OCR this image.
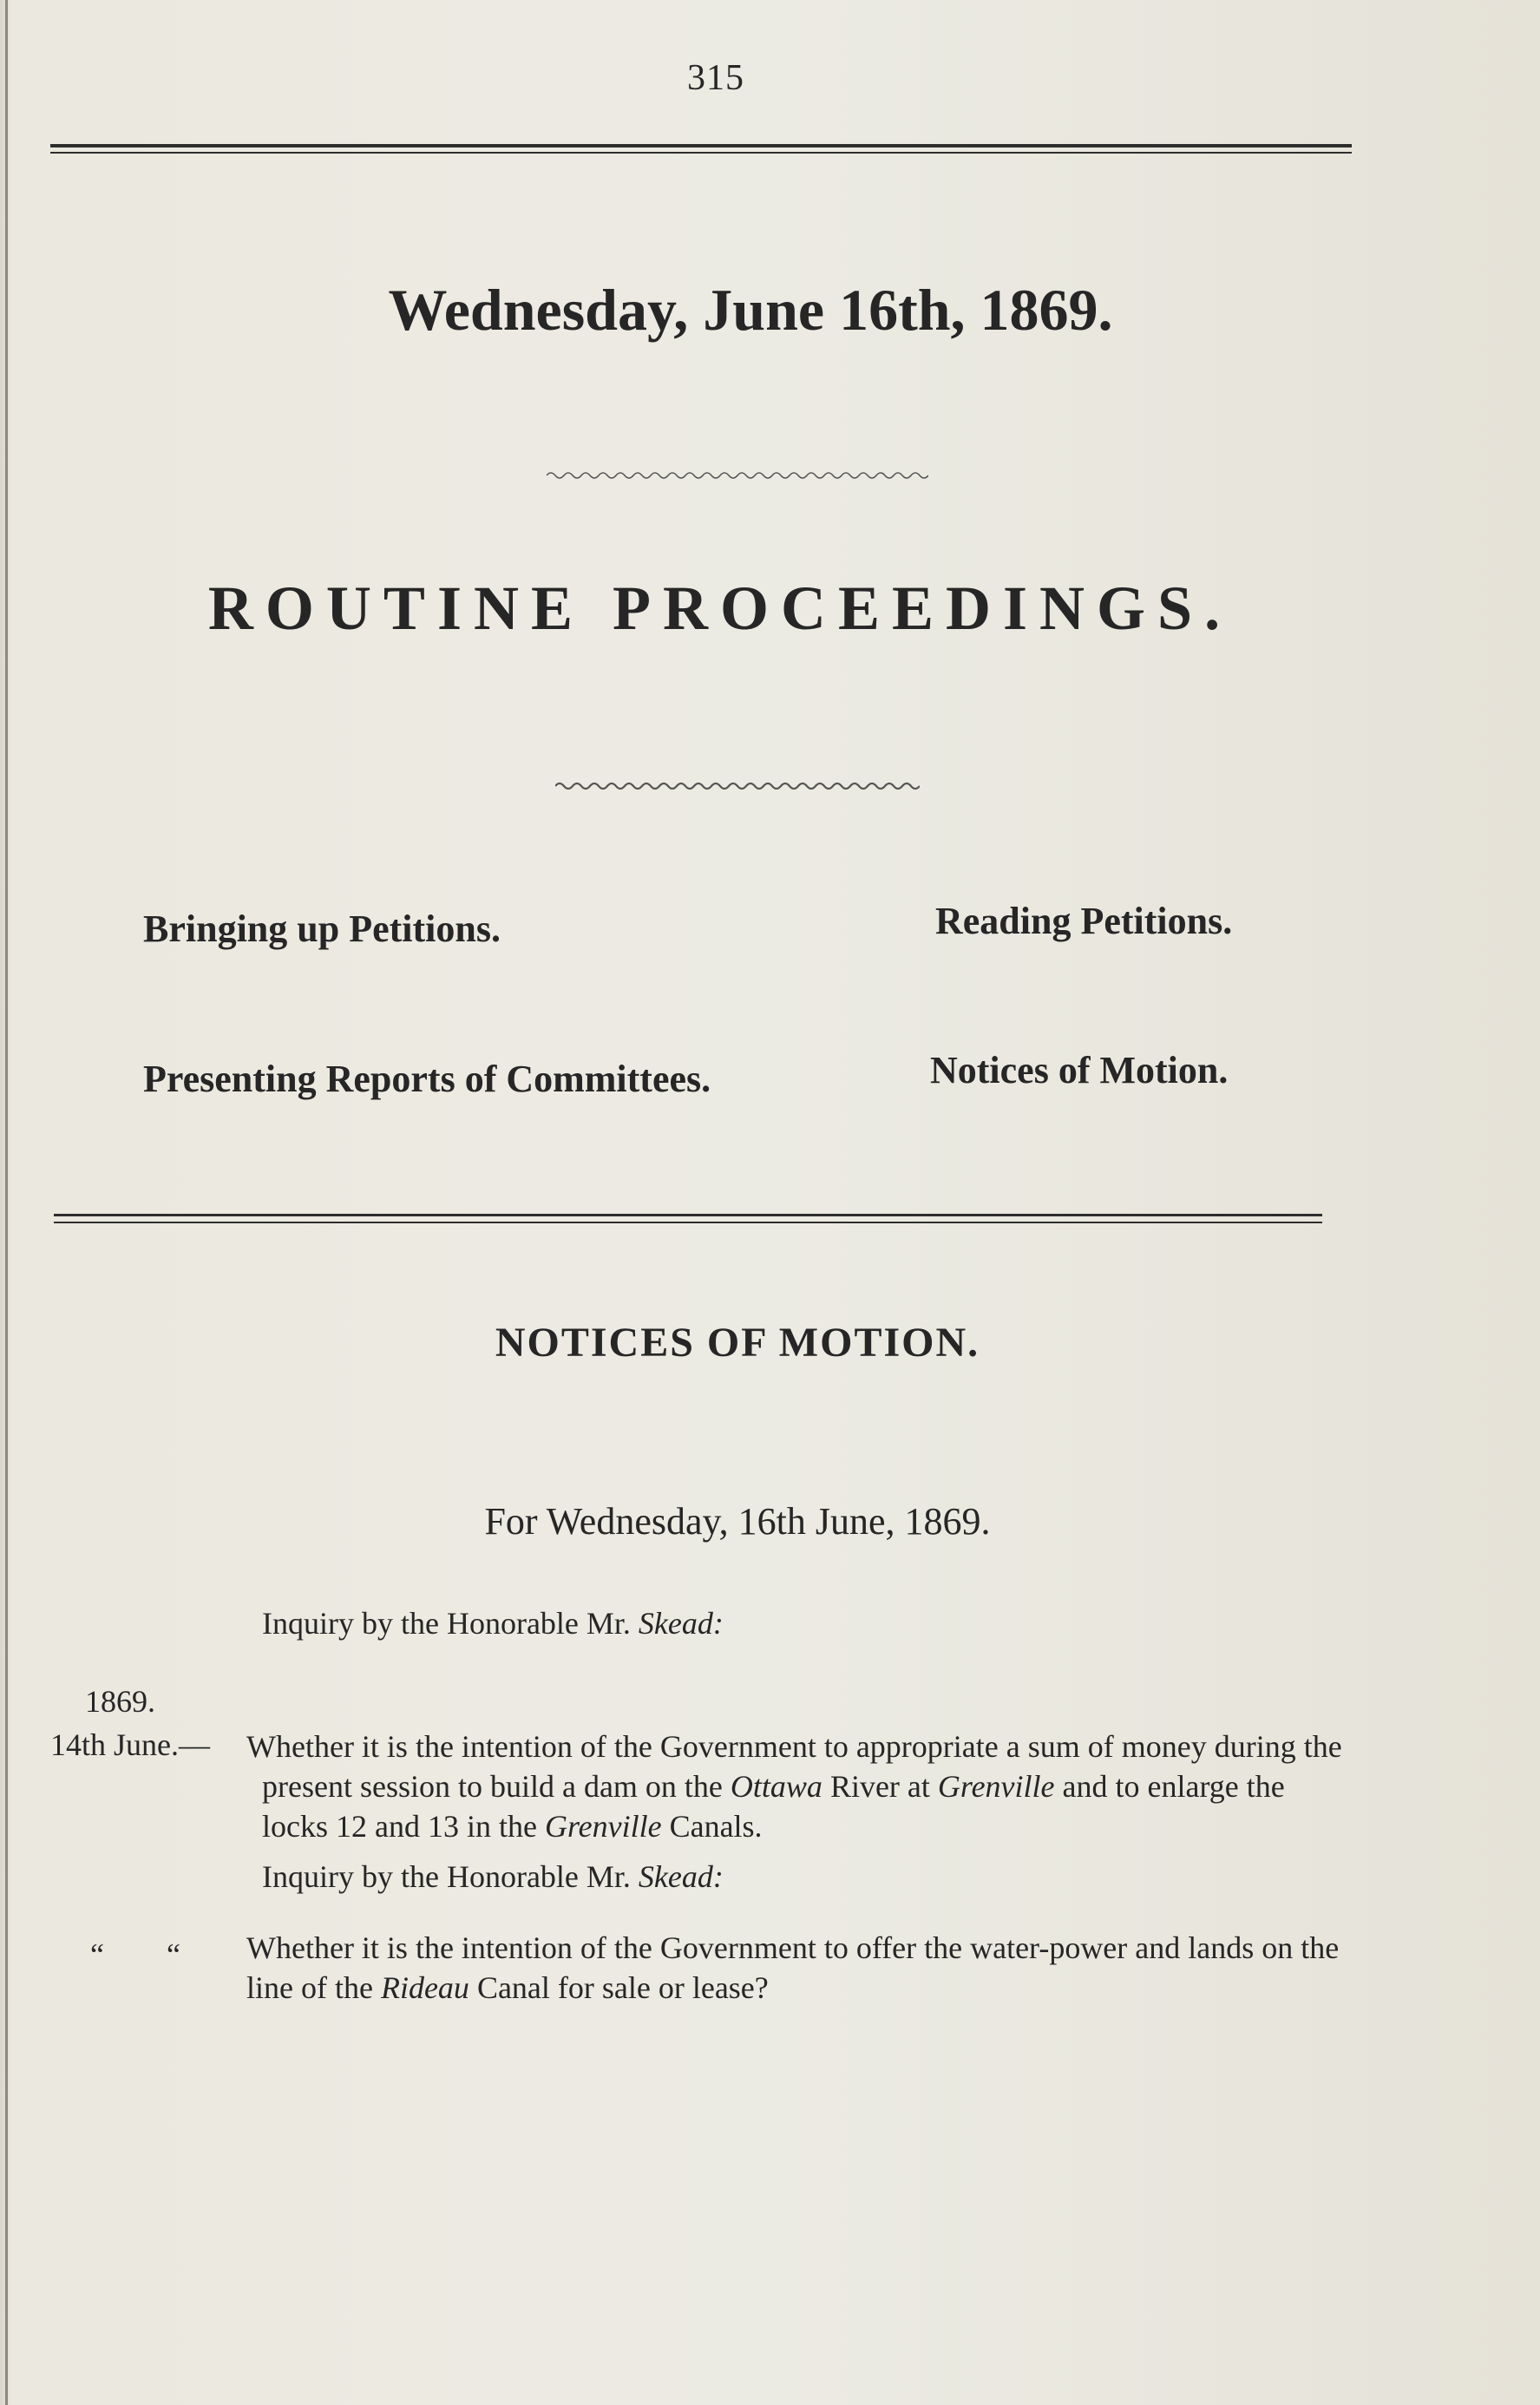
315
Wednesday, June 16th, 1869.
ROUTINE PROCEEDINGS.
Bringing up Petitions.	Reading Petitions.
Presenting Reports of Committees.	Notices of Motion.
NOTICES OF MOTION.
For Wednesday, 16th June, 1869.
Inquiry by the Honorable Mr. Skead:
1869.
14th June.— Whether it is the intention of the Government to appropriate a sum of money during the present session to build a dam on the Ottawa River at Grenville and to enlarge the locks 12 and 13 in the Grenville Canals.
Inquiry by the Honorable Mr. Skead:
“        “ Whether it is the intention of the Government to offer the water-power and lands on the line of the Rideau Canal for sale or lease?
